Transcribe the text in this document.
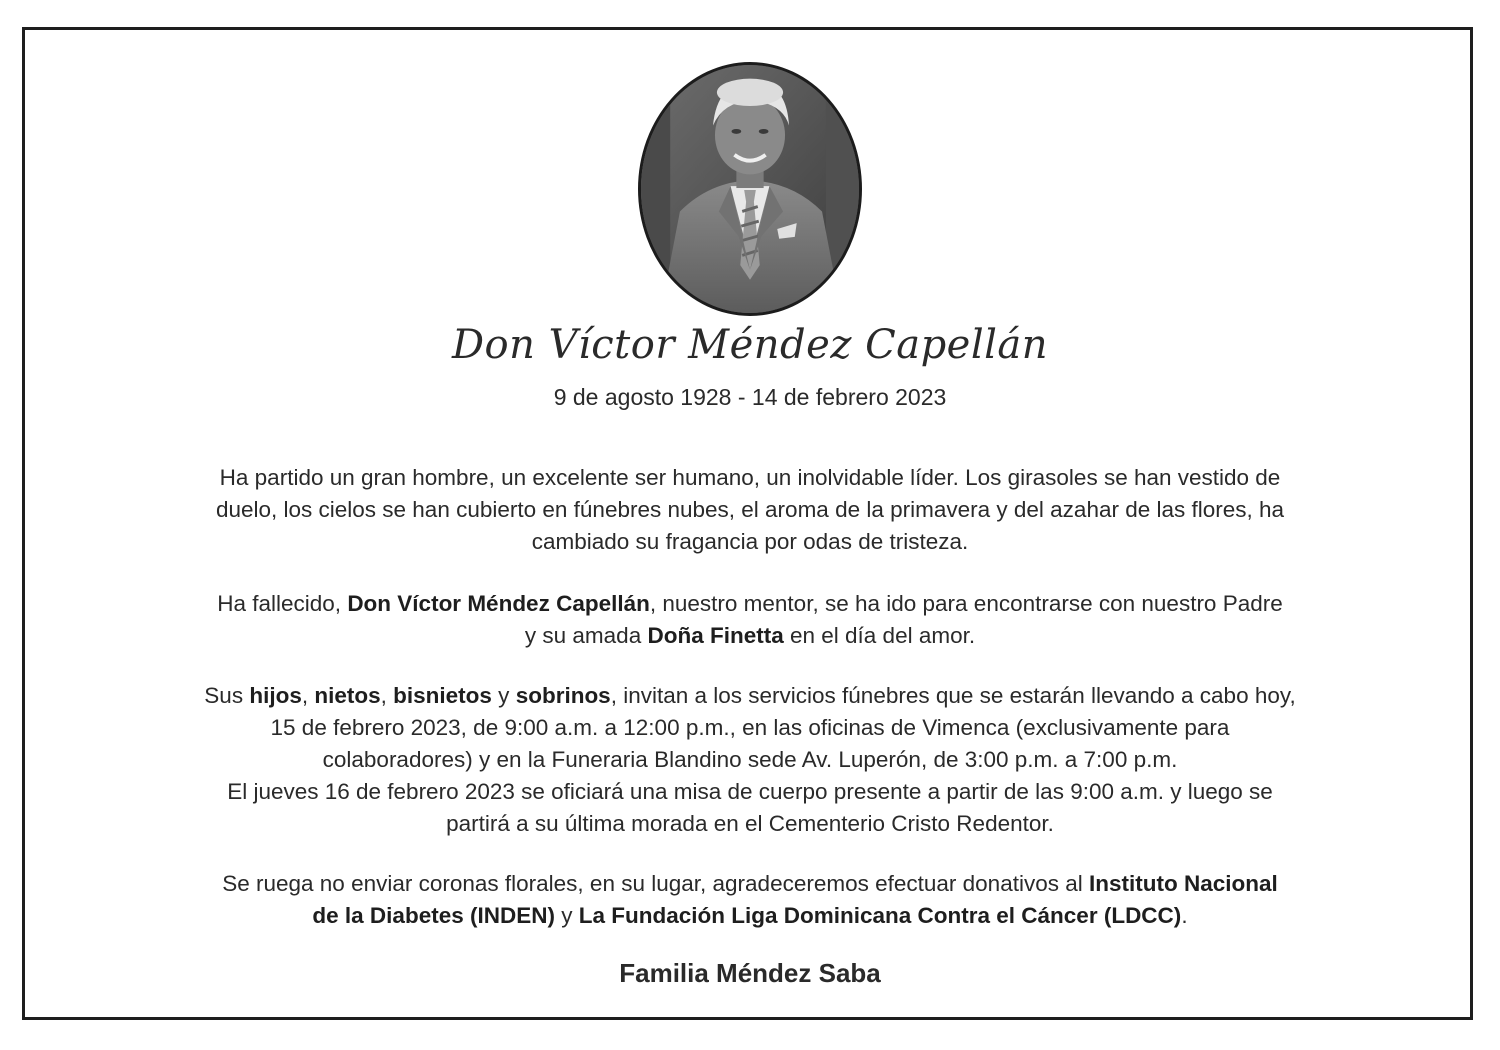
Don Víctor Méndez Capellán
9 de agosto 1928 - 14 de febrero 2023
Ha partido un gran hombre, un excelente ser humano, un inolvidable líder. Los girasoles se han vestido de
duelo, los cielos se han cubierto en fúnebres nubes, el aroma de la primavera y del azahar de las flores, ha
cambiado su fragancia por odas de tristeza.
Ha fallecido, Don Víctor Méndez Capellán, nuestro mentor, se ha ido para encontrarse con nuestro Padre
y su amada Doña Finetta en el día del amor.
Sus hijos, nietos, bisnietos y sobrinos, invitan a los servicios fúnebres que se estarán llevando a cabo hoy,
15 de febrero 2023, de 9:00 a.m. a 12:00 p.m., en las oficinas de Vimenca (exclusivamente para
colaboradores) y en la Funeraria Blandino sede Av. Luperón, de 3:00 p.m. a 7:00 p.m.
El jueves 16 de febrero 2023 se oficiará una misa de cuerpo presente a partir de las 9:00 a.m. y luego se
partirá a su última morada en el Cementerio Cristo Redentor.
Se ruega no enviar coronas florales, en su lugar, agradeceremos efectuar donativos al Instituto Nacional
de la Diabetes (INDEN) y La Fundación Liga Dominicana Contra el Cáncer (LDCC).
Familia Méndez Saba
